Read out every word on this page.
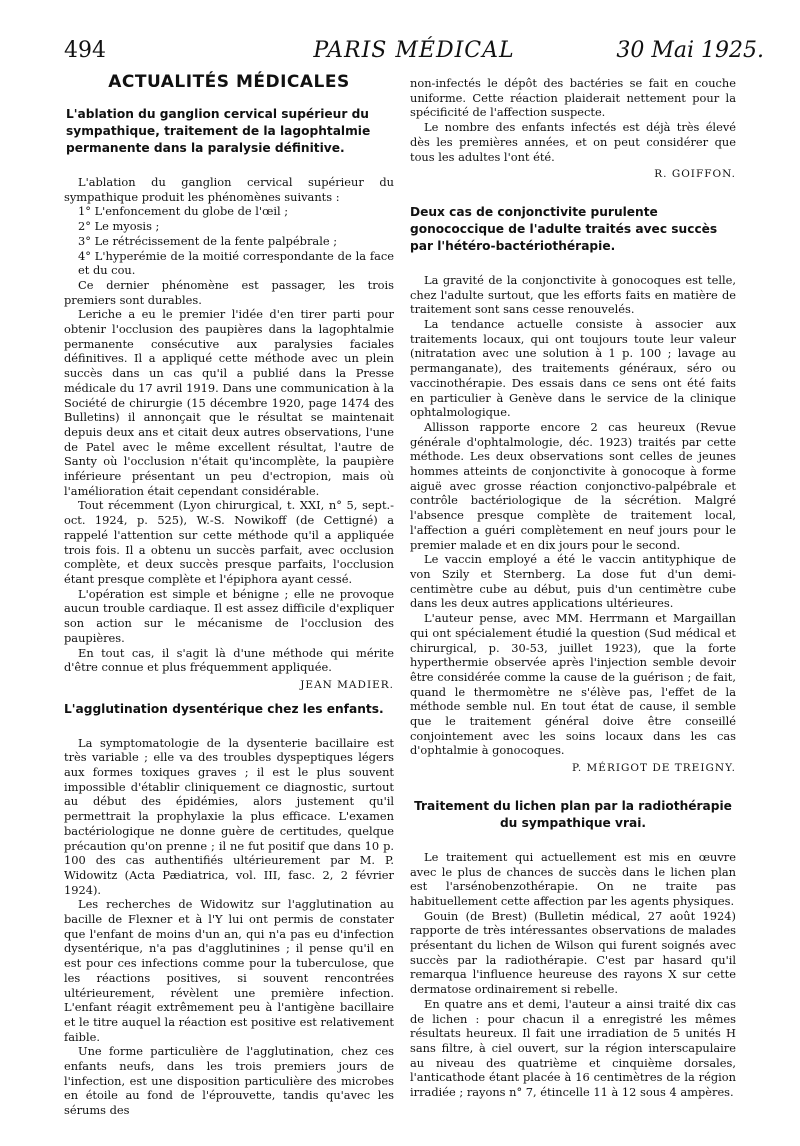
494	PARIS MÉDICAL	30 Mai 1925.
ACTUALITÉS MÉDICALES
L'ablation du ganglion cervical supérieur du sympathique, traitement de la lagophtalmie permanente dans la paralysie définitive.

L'ablation du ganglion cervical supérieur du sympathique produit les phénomènes suivants :

1° L'enfoncement du globe de l'œil ;

2° Le myosis ;

3° Le rétrécissement de la fente palpébrale ;

4° L'hyperémie de la moitié correspondante de la face et du cou.

Ce dernier phénomène est passager, les trois premiers sont durables.

Leriche a eu le premier l'idée d'en tirer parti pour obtenir l'occlusion des paupières dans la lagophtalmie permanente consécutive aux paralysies faciales définitives. Il a appliqué cette méthode avec un plein succès dans un cas qu'il a publié dans la Presse médicale du 17 avril 1919. Dans une communication à la Société de chirurgie (15 décembre 1920, page 1474 des Bulletins) il annonçait que le résultat se maintenait depuis deux ans et citait deux autres observations, l'une de Patel avec le même excellent résultat, l'autre de Santy où l'occlusion n'était qu'incomplète, la paupière inférieure présentant un peu d'ectropion, mais où l'amélioration était cependant considérable.

Tout récemment (Lyon chirurgical, t. XXI, n° 5, sept.-oct. 1924, p. 525), W.-S. Nowikoff (de Cettigné) a rappelé l'attention sur cette méthode qu'il a appliquée trois fois. Il a obtenu un succès parfait, avec occlusion complète, et deux succès presque parfaits, l'occlusion étant presque complète et l'épiphora ayant cessé.

L'opération est simple et bénigne ; elle ne provoque aucun trouble cardiaque. Il est assez difficile d'expliquer son action sur le mécanisme de l'occlusion des paupières.

En tout cas, il s'agit là d'une méthode qui mérite d'être connue et plus fréquemment appliquée.

JEAN MADIER.

L'agglutination dysentérique chez les enfants.

La symptomatologie de la dysenterie bacillaire est très variable ; elle va des troubles dyspeptiques légers aux formes toxiques graves ; il est le plus souvent impossible d'établir cliniquement ce diagnostic, surtout au début des épidémies, alors justement qu'il permettrait la prophylaxie la plus efficace. L'examen bactériologique ne donne guère de certitudes, quelque précaution qu'on prenne ; il ne fut positif que dans 10 p. 100 des cas authentifiés ultérieurement par M. P. Widowitz (Acta Pædiatrica, vol. III, fasc. 2, 2 février 1924).

Les recherches de Widowitz sur l'agglutination au bacille de Flexner et à l'Y lui ont permis de constater que l'enfant de moins d'un an, qui n'a pas eu d'infection dysentérique, n'a pas d'agglutinines ; il pense qu'il en est pour ces infections comme pour la tuberculose, que les réactions positives, si souvent rencontrées ultérieurement, révèlent une première infection. L'enfant réagit extrêmement peu à l'antigène bacillaire et le titre auquel la réaction est positive est relativement faible.

Une forme particulière de l'agglutination, chez ces enfants neufs, dans les trois premiers jours de l'infection, est une disposition particulière des microbes en étoile au fond de l'éprouvette, tandis qu'avec les sérums des

non-infectés le dépôt des bactéries se fait en couche uniforme. Cette réaction plaiderait nettement pour la spécificité de l'affection suspecte.

Le nombre des enfants infectés est déjà très élevé dès les premières années, et on peut considérer que tous les adultes l'ont été.

R. GOIFFON.

Deux cas de conjonctivite purulente gonococcique de l'adulte traités avec succès par l'hétéro-bactériothérapie.

La gravité de la conjonctivite à gonocoques est telle, chez l'adulte surtout, que les efforts faits en matière de traitement sont sans cesse renouvelés.

La tendance actuelle consiste à associer aux traitements locaux, qui ont toujours toute leur valeur (nitratation avec une solution à 1 p. 100 ; lavage au permanganate), des traitements généraux, séro ou vaccinothérapie. Des essais dans ce sens ont été faits en particulier à Genève dans le service de la clinique ophtalmologique.

Allisson rapporte encore 2 cas heureux (Revue générale d'ophtalmologie, déc. 1923) traités par cette méthode. Les deux observations sont celles de jeunes hommes atteints de conjonctivite à gonocoque à forme aiguë avec grosse réaction conjonctivo-palpébrale et contrôle bactériologique de la sécrétion. Malgré l'absence presque complète de traitement local, l'affection a guéri complètement en neuf jours pour le premier malade et en dix jours pour le second.

Le vaccin employé a été le vaccin antityphique de von Szily et Sternberg. La dose fut d'un demi-centimètre cube au début, puis d'un centimètre cube dans les deux autres applications ultérieures.

L'auteur pense, avec MM. Herrmann et Margaillan qui ont spécialement étudié la question (Sud médical et chirurgical, p. 30-53, juillet 1923), que la forte hyperthermie observée après l'injection semble devoir être considérée comme la cause de la guérison ; de fait, quand le thermomètre ne s'élève pas, l'effet de la méthode semble nul. En tout état de cause, il semble que le traitement général doive être conseillé conjointement avec les soins locaux dans les cas d'ophtalmie à gonocoques.

P. MÉRIGOT DE TREIGNY.

Traitement du lichen plan par la radiothérapie du sympathique vrai.

Le traitement qui actuellement est mis en œuvre avec le plus de chances de succès dans le lichen plan est l'arsénobenzothérapie. On ne traite pas habituellement cette affection par les agents physiques.

Gouin (de Brest) (Bulletin médical, 27 août 1924) rapporte de très intéressantes observations de malades présentant du lichen de Wilson qui furent soignés avec succès par la radiothérapie. C'est par hasard qu'il remarqua l'influence heureuse des rayons X sur cette dermatose ordinairement si rebelle.

En quatre ans et demi, l'auteur a ainsi traité dix cas de lichen : pour chacun il a enregistré les mêmes résultats heureux. Il fait une irradiation de 5 unités H sans filtre, à ciel ouvert, sur la région interscapulaire au niveau des quatrième et cinquième dorsales, l'anticathode étant placée à 16 centimètres de la région irradiée ; rayons n° 7, étincelle 11 à 12 sous 4 ampères.
